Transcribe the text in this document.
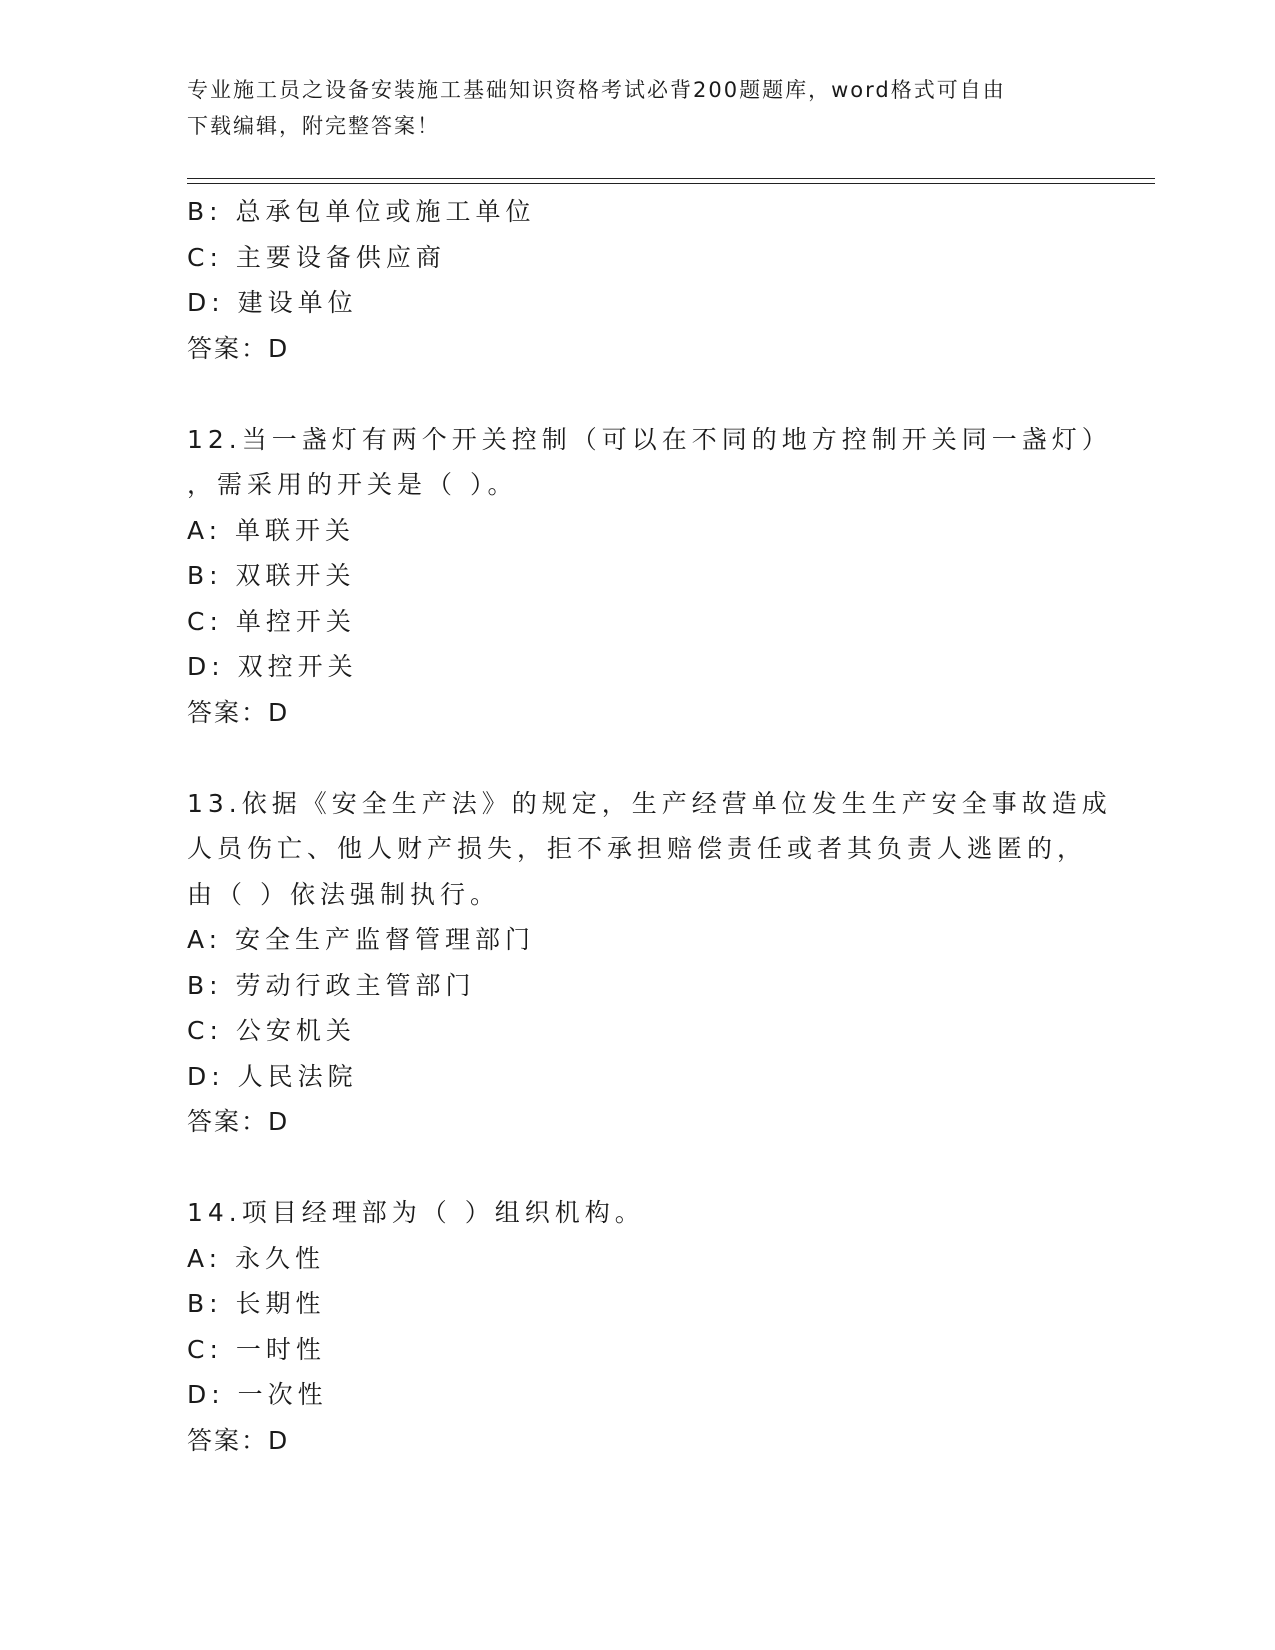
专业施工员之设备安装施工基础知识资格考试必背200题题库，word格式可自由
下载编辑，附完整答案！
B: 总承包单位或施工单位
C: 主要设备供应商
D: 建设单位
答案：D
12.当一盏灯有两个开关控制（可以在不同的地方控制开关同一盏灯）
，需采用的开关是（ ）。
A: 单联开关
B: 双联开关
C: 单控开关
D: 双控开关
答案：D
13.依据《安全生产法》的规定，生产经营单位发生生产安全事故造成
人员伤亡、他人财产损失，拒不承担赔偿责任或者其负责人逃匿的，
由（ ）依法强制执行。
A: 安全生产监督管理部门
B: 劳动行政主管部门
C: 公安机关
D: 人民法院
答案：D
14.项目经理部为（ ）组织机构。
A: 永久性
B: 长期性
C: 一时性
D: 一次性
答案：D
